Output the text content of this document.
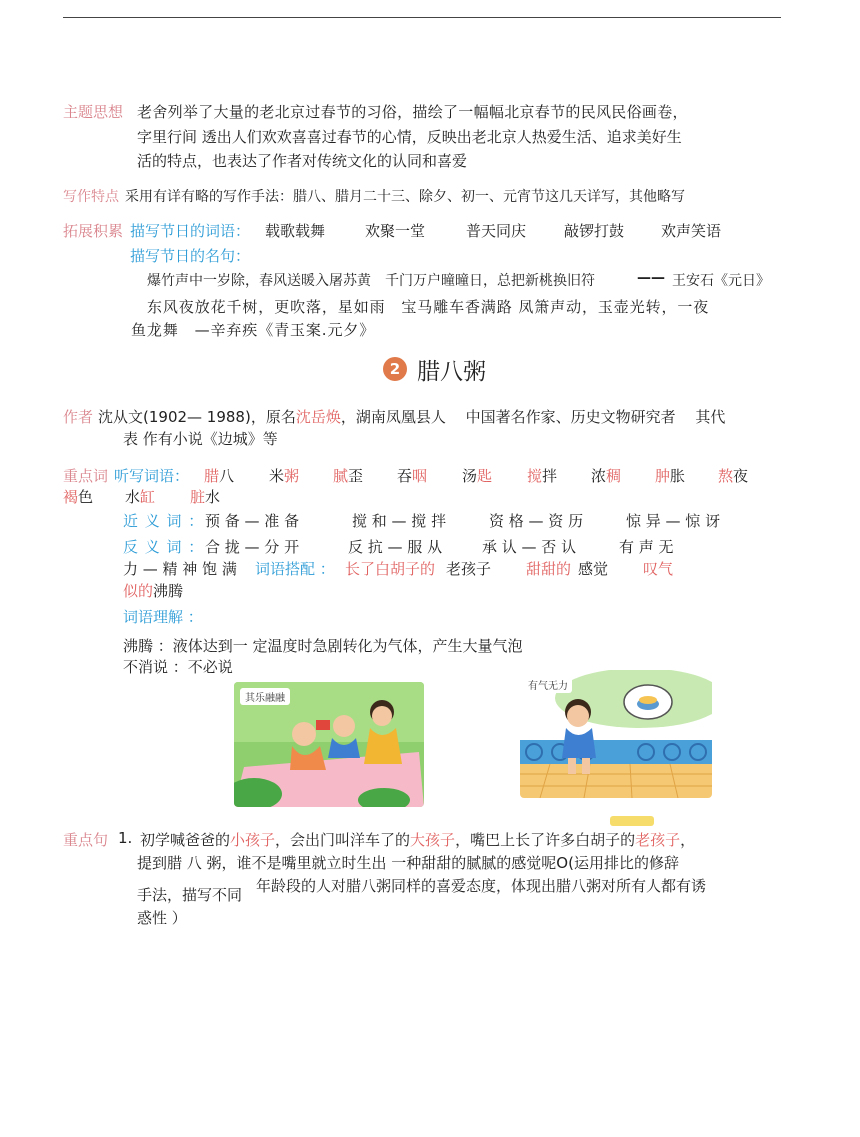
主题思想 老舍列举了大量的老北京过春节的习俗，描绘了一幅幅北京春节的民风民俗画卷，
字里行间 透出人们欢欢喜喜过春节的心情，反映出老北京人热爱生活、追求美好生
活的特点，也表达了作者对传统文化的认同和喜爱
写作特点 采用有详有略的写作手法：腊八、腊月二十三、除夕、初一、元宵节这几天详写，其他略写
拓展积累 描写节日的词语： 载歌载舞	欢聚一堂	普天同庆	敲锣打鼓 欢声笑语
描写节日的名句：
爆竹声中一岁除，春风送暖入屠苏黄　千门万户曈曈日，总把新桃换旧符	—— 王安石《元日》
东风夜放花千树，更吹落，星如雨　宝马雕车香满路 凤箫声动，玉壶光转，一夜
鱼龙舞　—辛弃疾《青玉案.元夕》
2 腊八粥
作者 沈从文(1902— 1988)，原名沈岳焕，湖南凤凰县人　 中国著名作家、历史文物研究者　 其代
表 作有小说《边城》等
重点词 听写词语： 腊八 米粥 腻歪 吞咽 汤匙 搅拌 浓稠 肿胀 熬夜
褐色 水缸 脏水
近 义 词 ： 预 备 — 准 备	搅 和 — 搅 拌	资 格 — 资 历	惊 异 — 惊 讶
反 义 词 ： 合 拢 — 分 开	反 抗 — 服 从	承 认 — 否 认	有 声 无
力 — 精 神 饱 满 词语搭配 ： 长了白胡子的 老孩子 甜甜的 感觉 叹气
似的沸腾
词语理解 ：
沸腾 ：液体达到一 定温度时急剧转化为气体，产生大量气泡
不消说 ：不必说
其乐融融
有气无力
重点句 1. 初学喊爸爸的小孩子，会出门叫洋车了的大孩子，嘴巴上长了许多白胡子的老孩子，
提到腊 八 粥，谁不是嘴里就立时生出 一种甜甜的腻腻的感觉呢O(运用排比的修辞
手法，描写不同 年龄段的人对腊八粥同样的喜爱态度，体现出腊八粥对所有人都有诱
惑性 ）
